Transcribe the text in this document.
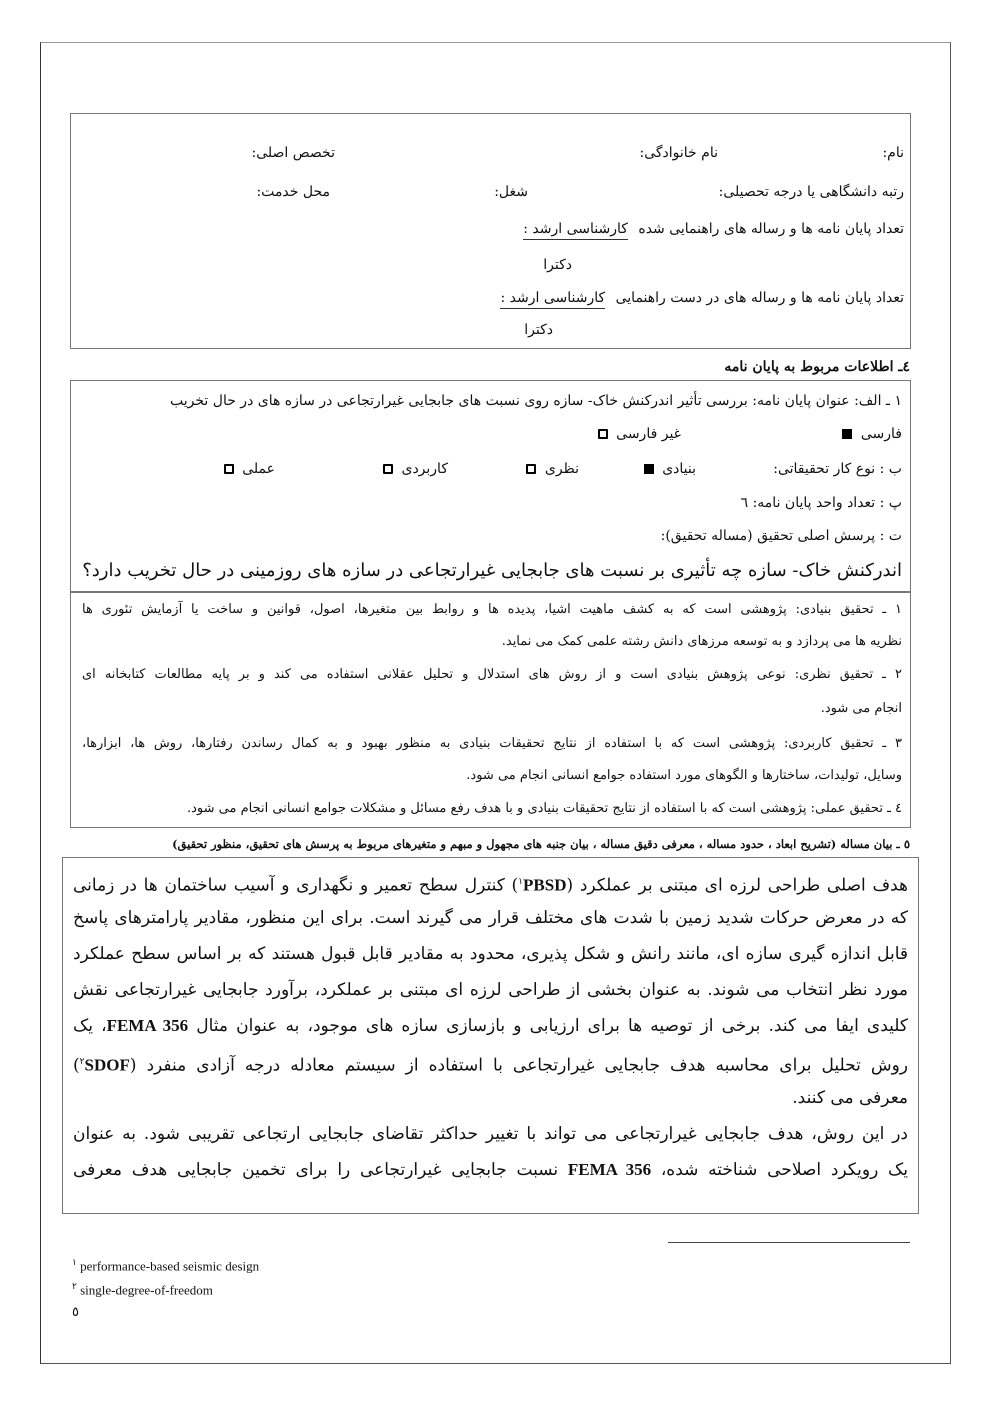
نام:
نام خانوادگی:
تخصص اصلی:
رتبه دانشگاهی یا درجه تحصیلی:
شغل:
محل خدمت:
تعداد پایان نامه ها و رساله های راهنمایی شده کارشناسی ارشد :
دکترا
تعداد پایان نامه ها و رساله های در دست راهنمایی کارشناسی ارشد :
دکترا
٤ـ اطلاعات مربوط به پایان نامه
١ ـ الف: عنوان پایان نامه: بررسی تأثیر اندرکنش خاک- سازه روی نسبت های جابجایی غیرارتجاعی در سازه های در حال تخریب
فارسی
غیر فارسی
ب : نوع کار تحقیقاتی:
بنیادی
نظری
کاربردی
عملی
پ : تعداد واحد پایان نامه: ٦
ت : پرسش اصلی تحقیق (مساله تحقیق):
اندرکنش خاک- سازه چه تأثیری بر نسبت های جابجایی غیرارتجاعی در سازه های روزمینی در حال تخریب دارد؟
١ ـ تحقیق بنیادی: پژوهشی است که به کشف ماهیت اشیا، پدیده ها و روابط بین متغیرها، اصول، قوانین و ساخت یا آزمایش تئوری ها
نظریه ها می پردازد و به توسعه مرزهای دانش رشته علمی کمک می نماید.
٢ ـ تحقیق نظری: نوعی پژوهش بنیادی است و از روش های استدلال و تحلیل عقلانی استفاده می کند و بر پایه مطالعات کتابخانه ای
انجام می شود.
٣ ـ تحقیق کاربردی: پژوهشی است که با استفاده از نتایج تحقیقات بنیادی به منظور بهبود و به کمال رساندن رفتارها، روش ها، ابزارها،
وسایل، تولیدات، ساختارها و الگوهای مورد استفاده جوامع انسانی انجام می شود.
٤ ـ تحقیق عملی: پژوهشی است که با استفاده از نتایج تحقیقات بنیادی و با هدف رفع مسائل و مشکلات جوامع انسانی انجام می شود.
٥ ـ بیان مساله (تشریح ابعاد ، حدود مساله ، معرفی دقیق مساله ، بیان جنبه های مجهول و مبهم و متغیرهای مربوط به پرسش های تحقیق، منظور تحقیق)
هدف اصلی طراحی لرزه ای مبتنی بر عملکرد ($^١$PBSD) کنترل سطح تعمیر و نگهداری و آسیب ساختمان ها در زمانی
که در معرض حرکات شدید زمین با شدت های مختلف قرار می گیرند است. برای این منظور، مقادیر پارامترهای پاسخ
قابل اندازه گیری سازه ای، مانند رانش و شکل پذیری، محدود به مقادیر قابل قبول هستند که بر اساس سطح عملکرد
مورد نظر انتخاب می شوند. به عنوان بخشی از طراحی لرزه ای مبتنی بر عملکرد، برآورد جابجایی غیرارتجاعی نقش
کلیدی ایفا می کند. برخی از توصیه ها برای ارزیابی و بازسازی سازه های موجود، به عنوان مثال FEMA 356، یک
روش تحلیل برای محاسبه هدف جابجایی غیرارتجاعی با استفاده از سیستم معادله درجه آزادی منفرد ($^٢$SDOF)
معرفی می کنند.
در این روش، هدف جابجایی غیرارتجاعی می تواند با تغییر حداکثر تقاضای جابجایی ارتجاعی تقریبی شود. به عنوان
یک رویکرد اصلاحی شناخته شده، FEMA 356 نسبت جابجایی غیرارتجاعی را برای تخمین جابجایی هدف معرفی
$^١$ performance-based seismic design
$^٢$ single-degree-of-freedom
٥
